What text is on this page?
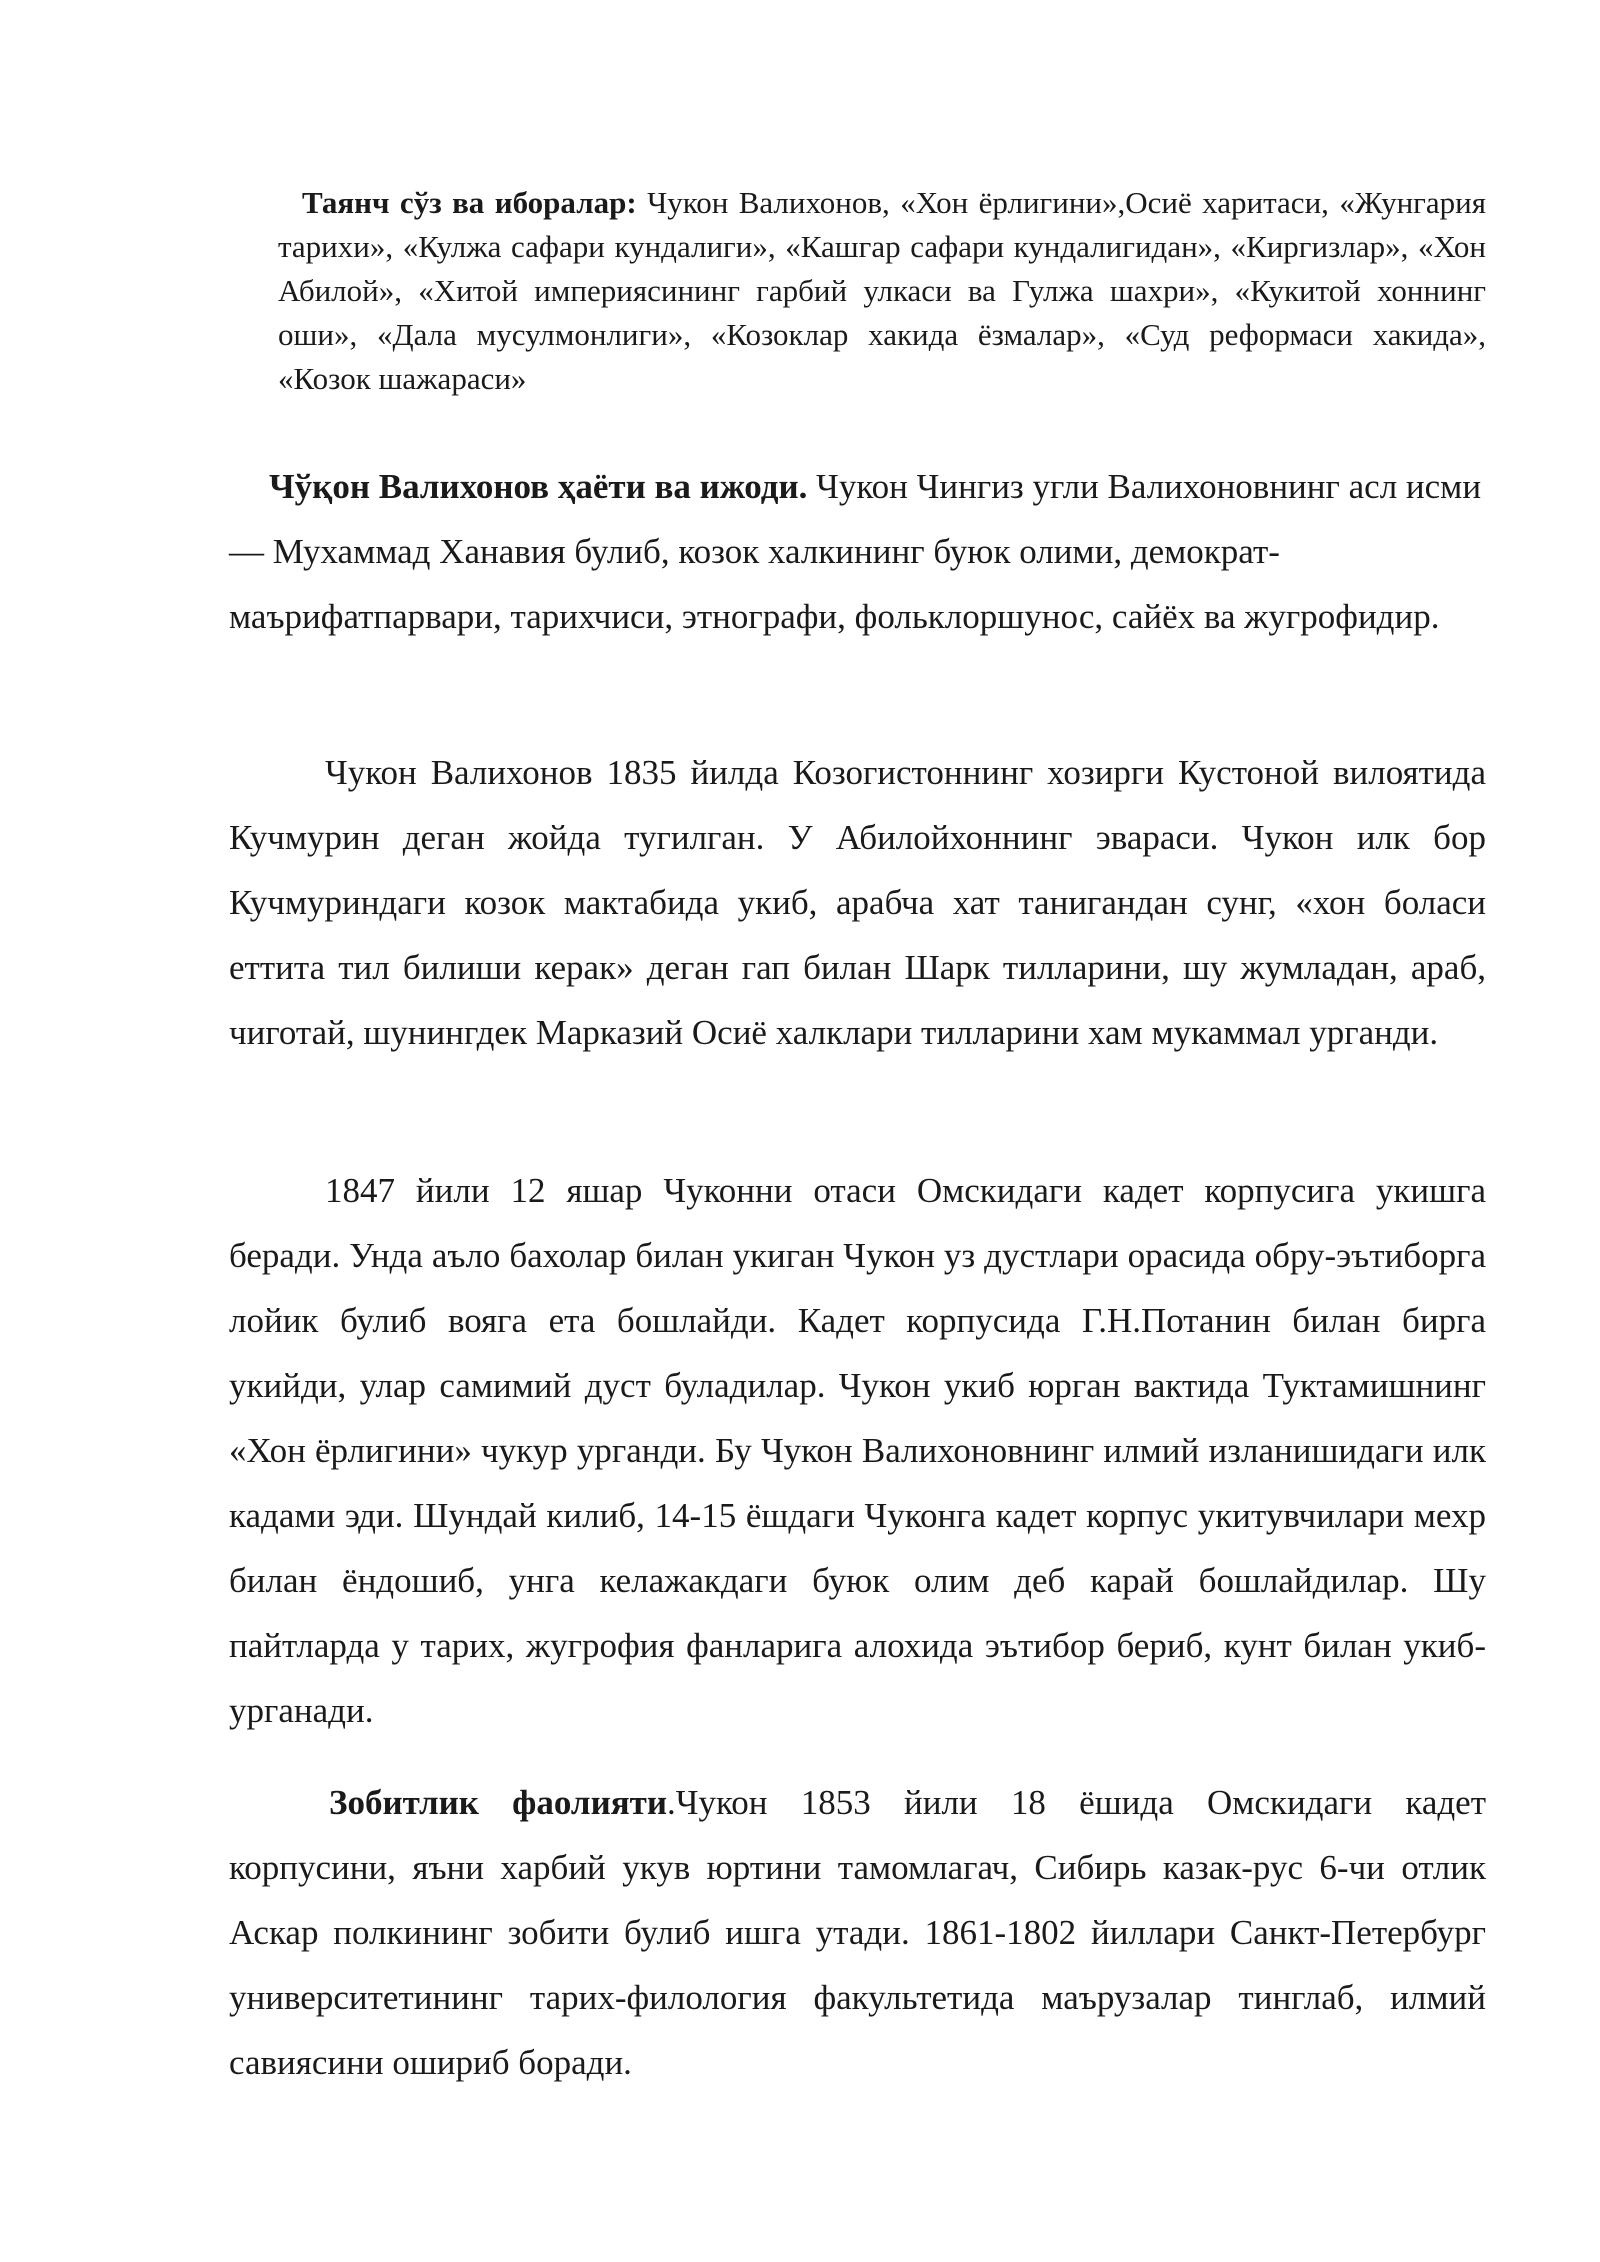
Таянч сўз ва иборалар: Чукон Валихонов, «Хон ёрлигини»,Осиё харитаси, «Жунгария тарихи», «Кулжа сафари кундалиги», «Кашгар сафари кундалигидан», «Киргизлар», «Хон Абилой», «Хитой империясининг гарбий улкаси ва Гулжа шахри», «Кукитой хоннинг оши», «Дала мусулмонлиги», «Козоклар хакида ёзмалар», «Суд реформаси хакида», «Козок шажараси»

Чўқон Валихонов ҳаёти ва ижоди. Чукон Чингиз угли Валихоновнинг асл исми — Мухаммад Ханавия булиб, козок халкининг буюк олими, демократ-маърифатпарвари, тарихчиси, этнографи, фольклоршунос, сайёх ва жугрофидир.

Чукон Валихонов 1835 йилда Козогистоннинг хозирги Кустоной вилоятида Кучмурин деган жойда тугилган. У Абилойхоннинг эвараси. Чукон илк бор Кучмуриндаги козок мактабида укиб, арабча хат танигандан сунг, «хон боласи еттита тил билиши керак» деган гап билан Шарк тилларини, шу жумладан, араб, чиготай, шунингдек Марказий Осиё халклари тилларини хам мукаммал урганди.

1847 йили 12 яшар Чуконни отаси Омскидаги кадет корпусига укишга беради. Унда аъло бахолар билан укиган Чукон уз дустлари орасида обру-эътиборга лойик булиб вояга ета бошлайди. Кадет корпусида Г.Н.Потанин билан бирга укийди, улар самимий дуст буладилар. Чукон укиб юрган вактида Туктамишнинг «Хон ёрлигини» чукур урганди. Бу Чукон Валихоновнинг илмий изланишидаги илк кадами эди. Шундай килиб, 14-15 ёшдаги Чуконга кадет корпус укитувчилари мехр билан ёндошиб, унга келажакдаги буюк олим деб карай бошлайдилар. Шу пайтларда у тарих, жугрофия фанларига алохида эътибор бериб, кунт билан укиб-урганади.

Зобитлик фаолияти.Чукон 1853 йили 18 ёшида Омскидаги кадет корпусини, яъни харбий укув юртини тамомлагач, Сибирь казак-рус 6-чи отлик Аскар полкининг зобити булиб ишга утади. 1861-1802 йиллари Санкт-Петербург университетининг тарих-филология факультетида маърузалар тинглаб, илмий савиясини ошириб боради.
